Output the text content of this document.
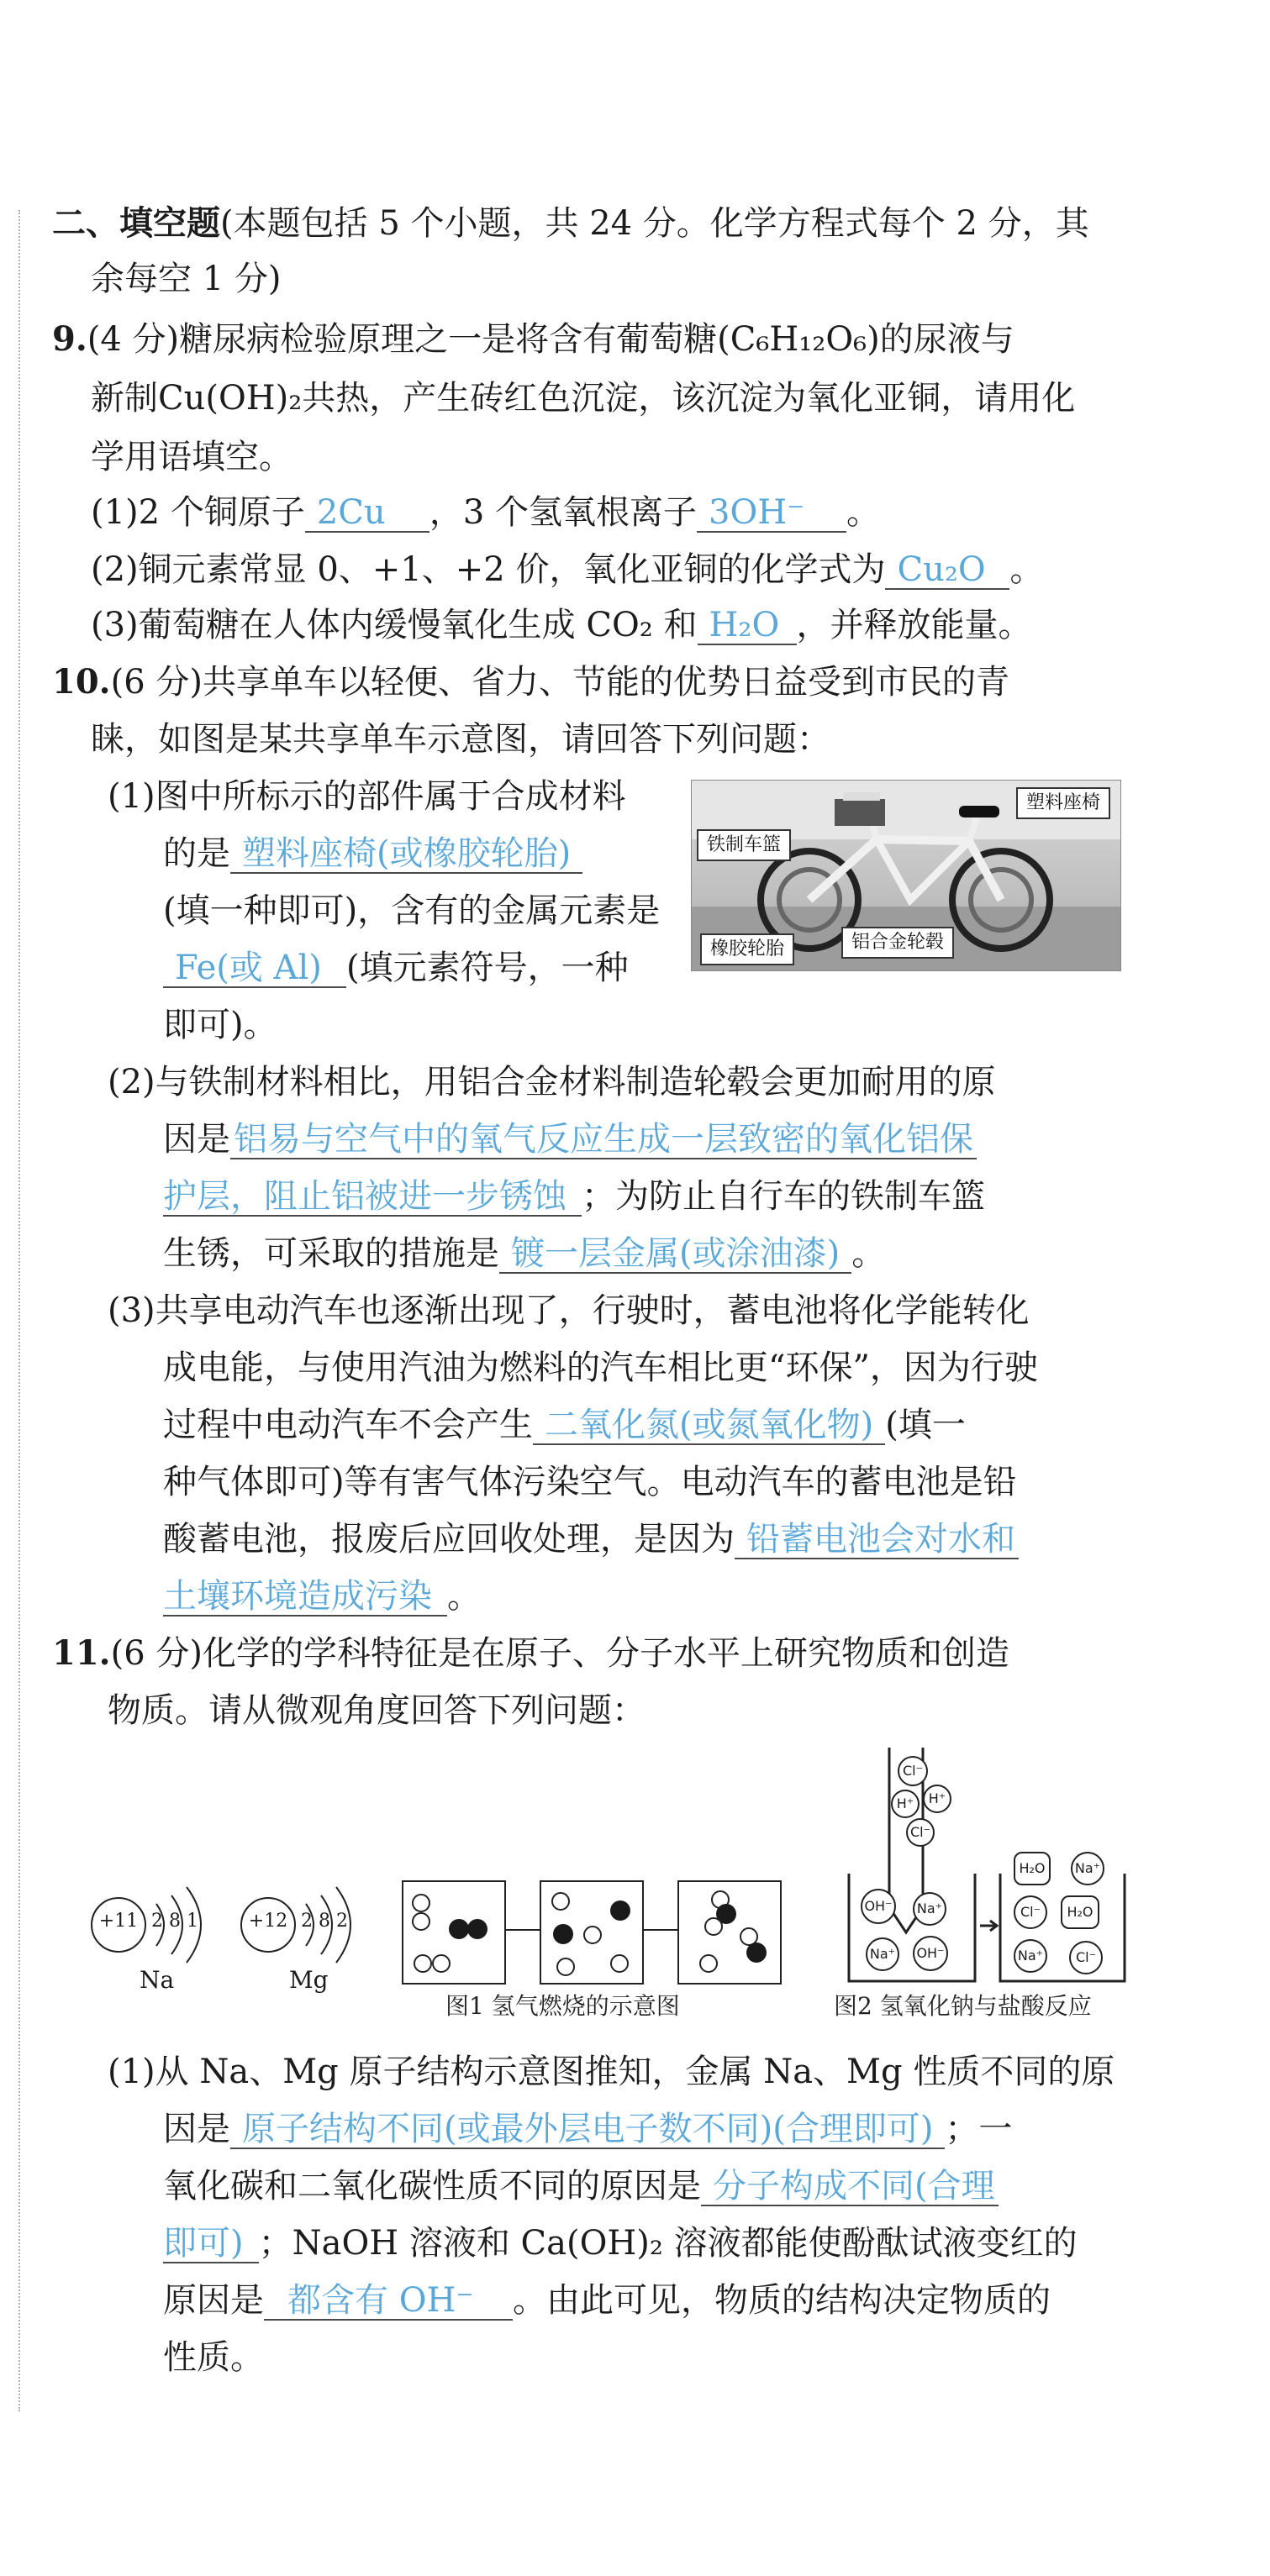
二、填空题(本题包括 5 个小题，共 24 分。化学方程式每个 2 分，其
余每空 1 分)
9.(4 分)糖尿病检验原理之一是将含有葡萄糖(C₆H₁₂O₆)的尿液与
新制Cu(OH)₂共热，产生砖红色沉淀，该沉淀为氧化亚铜，请用化
学用语填空。
(1)2 个铜原子 2Cu ，3 个氢氧根离子 3OH⁻ 。
(2)铜元素常显 0、+1、+2 价，氧化亚铜的化学式为 Cu₂O 。
(3)葡萄糖在人体内缓慢氧化生成 CO₂ 和 H₂O ，并释放能量。
10.(6 分)共享单车以轻便、省力、节能的优势日益受到市民的青
睐，如图是某共享单车示意图，请回答下列问题：
(1)图中所标示的部件属于合成材料
的是 塑料座椅(或橡胶轮胎)
(填一种即可)，含有的金属元素是
Fe(或 Al) (填元素符号，一种
即可)。
铁制车篮
塑料座椅
橡胶轮胎	铝合金轮毂
(2)与铁制材料相比，用铝合金材料制造轮毂会更加耐用的原
因是 铝易与空气中的氧气反应生成一层致密的氧化铝保
护层，阻止铝被进一步锈蚀 ；为防止自行车的铁制车篮
生锈，可采取的措施是 镀一层金属(或涂油漆) 。
(3)共享电动汽车也逐渐出现了，行驶时，蓄电池将化学能转化
成电能，与使用汽油为燃料的汽车相比更“环保”，因为行驶
过程中电动汽车不会产生 二氧化氮(或氮氧化物) (填一
种气体即可)等有害气体污染空气。电动汽车的蓄电池是铅
酸蓄电池，报废后应回收处理，是因为 铅蓄电池会对水和
土壤环境造成污染 。
11.(6 分)化学的学科特征是在原子、分子水平上研究物质和创造
物质。请从微观角度回答下列问题：
+11 2 8 1
Na
+12 2 8 2
Mg
图1 氢气燃烧的示意图
Cl⁻
H⁺	H⁺
Cl⁻
OH⁻	Na⁺
Na⁺	OH⁻
H₂O	Na⁺
Cl⁻	H₂O
Na⁺	Cl⁻
图2 氢氧化钠与盐酸反应
(1)从 Na、Mg 原子结构示意图推知，金属 Na、Mg 性质不同的原
因是 原子结构不同(或最外层电子数不同)(合理即可) ；一
氧化碳和二氧化碳性质不同的原因是 分子构成不同(合理
即可) ；NaOH 溶液和 Ca(OH)₂ 溶液都能使酚酞试液变红的
原因是 都含有 OH⁻ 。由此可见，物质的结构决定物质的
性质。
